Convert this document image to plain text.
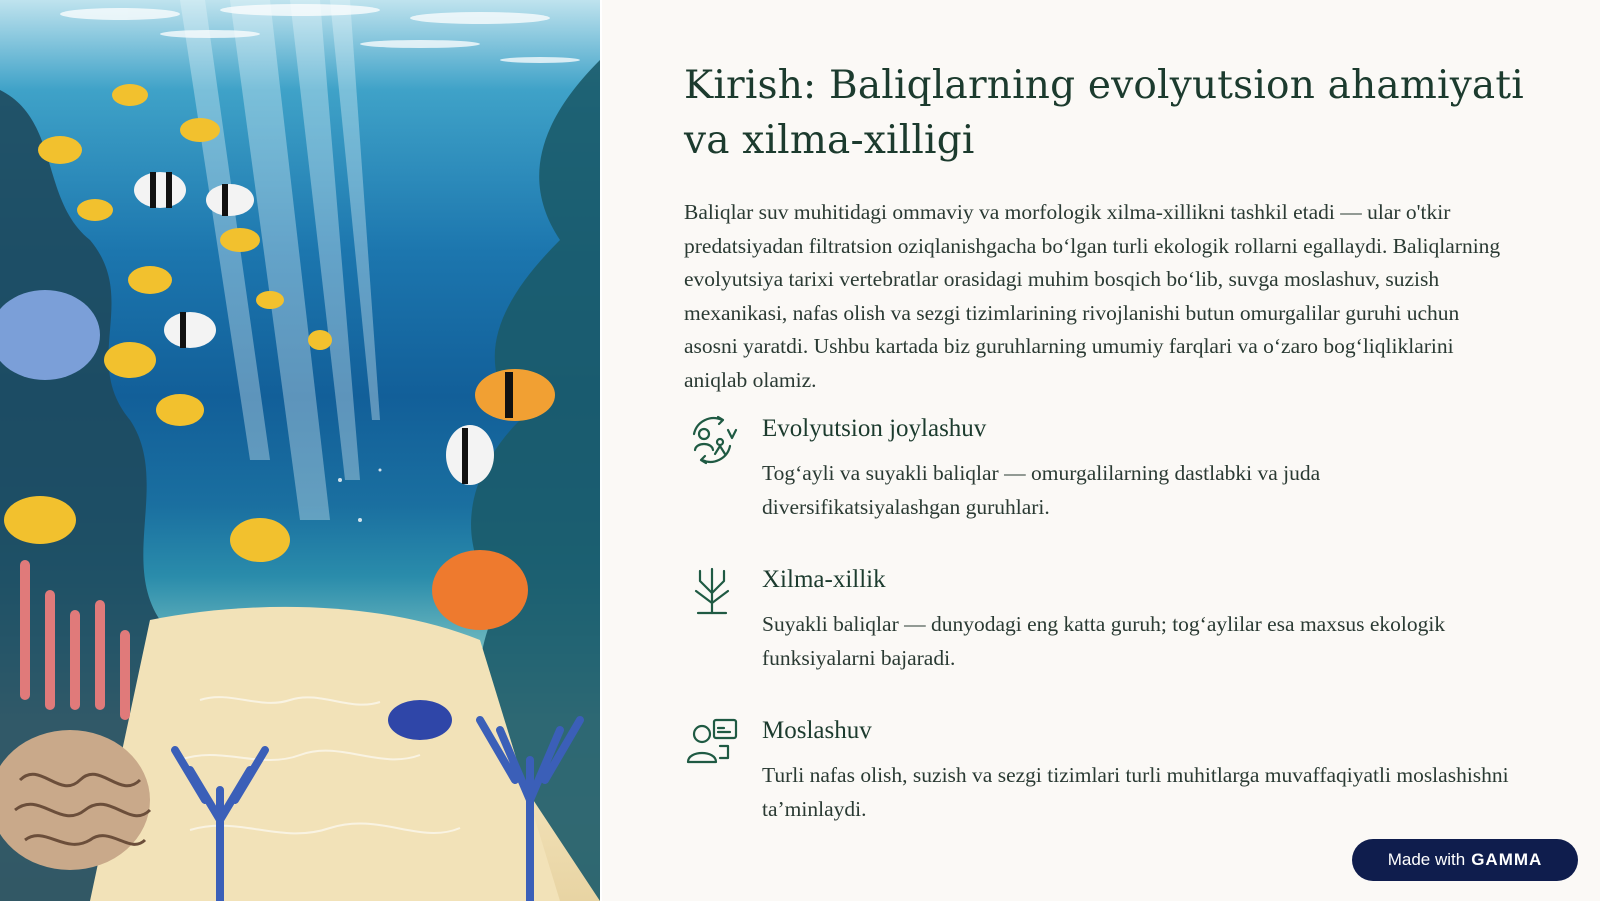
Kirish: Baliqlarning evolyutsion ahamiyati va xilma-xilligi

Baliqlar suv muhitidagi ommaviy va morfologik xilma-xillikni tashkil etadi — ular o'tkir predatsiyadan filtratsion oziqlanishgacha bo‘lgan turli ekologik rollarni egallaydi. Baliqlarning evolyutsiya tarixi vertebratlar orasidagi muhim bosqich bo‘lib, suvga moslashuv, suzish mexanikasi, nafas olish va sezgi tizimlarining rivojlanishi butun omurgalilar guruhi uchun asosni yaratdi. Ushbu kartada biz guruhlarning umumiy farqlari va o‘zaro bog‘liqliklarini aniqlab olamiz.

Evolyutsion joylashuv
Tog‘ayli va suyakli baliqlar — omurgalilarning dastlabki va juda diversifikatsiyalashgan guruhlari.
Xilma-xillik
Suyakli baliqlar — dunyodagi eng katta guruh; tog‘aylilar esa maxsus ekologik funksiyalarni bajaradi.
Moslashuv
Turli nafas olish, suzish va sezgi tizimlari turli muhitlarga muvaffaqiyatli moslashishni ta’minlaydi.
Made with GAMMA
